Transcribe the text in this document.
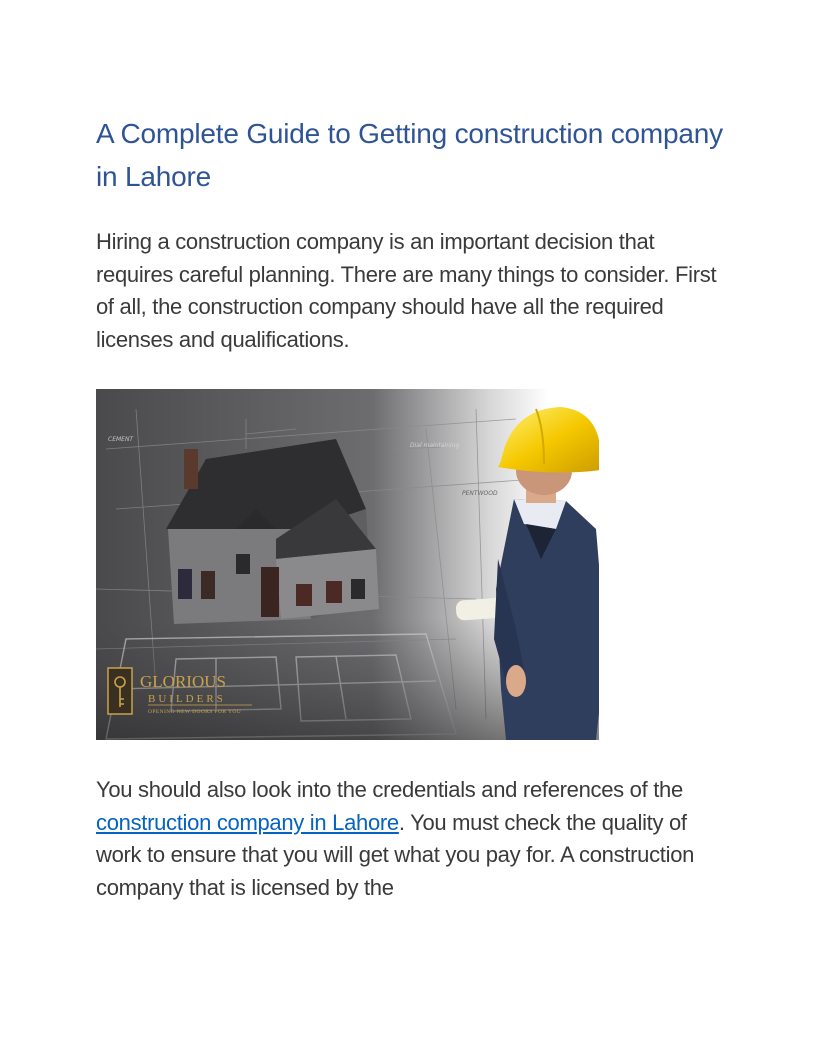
A Complete Guide to Getting construction company in Lahore

Hiring a construction company is an important decision that requires careful planning. There are many things to consider. First of all, the construction company should have all the required licenses and qualifications.

CEMENT
Dial maintaining
PENTWOOD
GLORIOUS
BUILDERS
OPENING NEW DOORS FOR YOU

You should also look into the credentials and references of the construction company in Lahore. You must check the quality of work to ensure that you will get what you pay for. A construction company that is licensed by the
